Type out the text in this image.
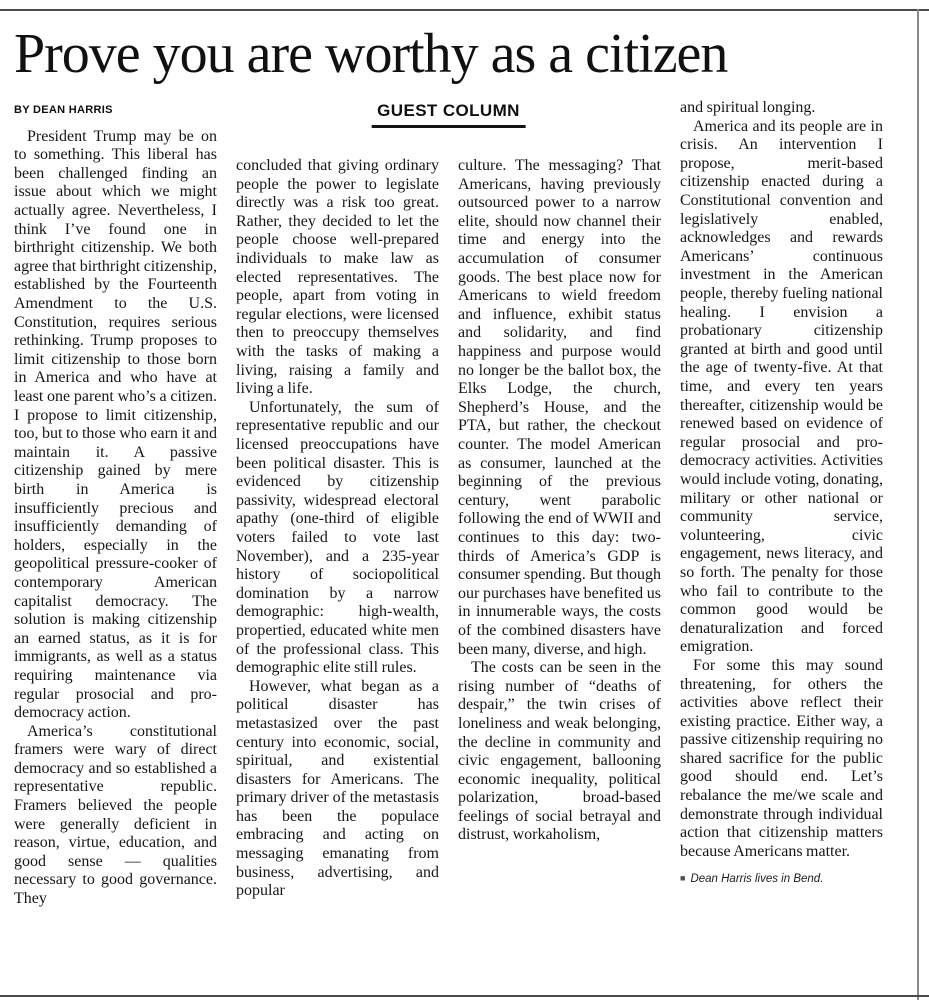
Prove you are worthy as a citizen
GUEST COLUMN
BY DEAN HARRIS

President Trump may be on to something. This liberal has been challenged finding an issue about which we might actually agree. Nevertheless, I think I’ve found one in birthright citizenship. We both agree that birthright citizenship, established by the Fourteenth Amendment to the U.S. Constitution, requires serious rethinking. Trump proposes to limit citizenship to those born in America and who have at least one parent who’s a citizen. I propose to limit citizenship, too, but to those who earn it and maintain it. A passive citizenship gained by mere birth in America is insufficiently precious and insufficiently demanding of holders, especially in the geopolitical pressure-cooker of contemporary American capitalist democracy. The solution is making citizenship an earned status, as it is for immigrants, as well as a status requiring maintenance via regular prosocial and pro-democracy action.

America’s constitutional framers were wary of direct democracy and so established a representative republic. Framers believed the people were generally deficient in reason, virtue, education, and good sense — qualities necessary to good governance. They

concluded that giving ordinary people the power to legislate directly was a risk too great. Rather, they decided to let the people choose well-prepared individuals to make law as elected representatives. The people, apart from voting in regular elections, were licensed then to preoccupy themselves with the tasks of making a living, raising a family and living a life.

Unfortunately, the sum of representative republic and our licensed preoccupations have been political disaster. This is evidenced by citizenship passivity, widespread electoral apathy (one-third of eligible voters failed to vote last November), and a 235-year history of sociopolitical domination by a narrow demographic: high-wealth, propertied, educated white men of the professional class. This demographic elite still rules.

However, what began as a political disaster has metastasized over the past century into economic, social, spiritual, and existential disasters for Americans. The primary driver of the metastasis has been the populace embracing and acting on messaging emanating from business, advertising, and popular

culture. The messaging? That Americans, having previously outsourced power to a narrow elite, should now channel their time and energy into the accumulation of consumer goods. The best place now for Americans to wield freedom and influence, exhibit status and solidarity, and find happiness and purpose would no longer be the ballot box, the Elks Lodge, the church, Shepherd’s House, and the PTA, but rather, the checkout counter. The model American as consumer, launched at the beginning of the previous century, went parabolic following the end of WWII and continues to this day: two-thirds of America’s GDP is consumer spending. But though our purchases have benefited us in innumerable ways, the costs of the combined disasters have been many, diverse, and high.

The costs can be seen in the rising number of “deaths of despair,” the twin crises of loneliness and weak belonging, the decline in community and civic engagement, ballooning economic inequality, political polarization, broad-based feelings of social betrayal and distrust, workaholism,

and spiritual longing.

America and its people are in crisis. An intervention I propose, merit-based citizenship enacted during a Constitutional convention and legislatively enabled, acknowledges and rewards Americans’ continuous investment in the American people, thereby fueling national healing. I envision a probationary citizenship granted at birth and good until the age of twenty-five. At that time, and every ten years thereafter, citizenship would be renewed based on evidence of regular prosocial and pro-democracy activities. Activities would include voting, donating, military or other national or community service, volunteering, civic engagement, news literacy, and so forth. The penalty for those who fail to contribute to the common good would be denaturalization and forced emigration.

For some this may sound threatening, for others the activities above reflect their existing practice. Either way, a passive citizenship requiring no shared sacrifice for the public good should end. Let’s rebalance the me/we scale and demonstrate through individual action that citizenship matters because Americans matter.

■ Dean Harris lives in Bend.
